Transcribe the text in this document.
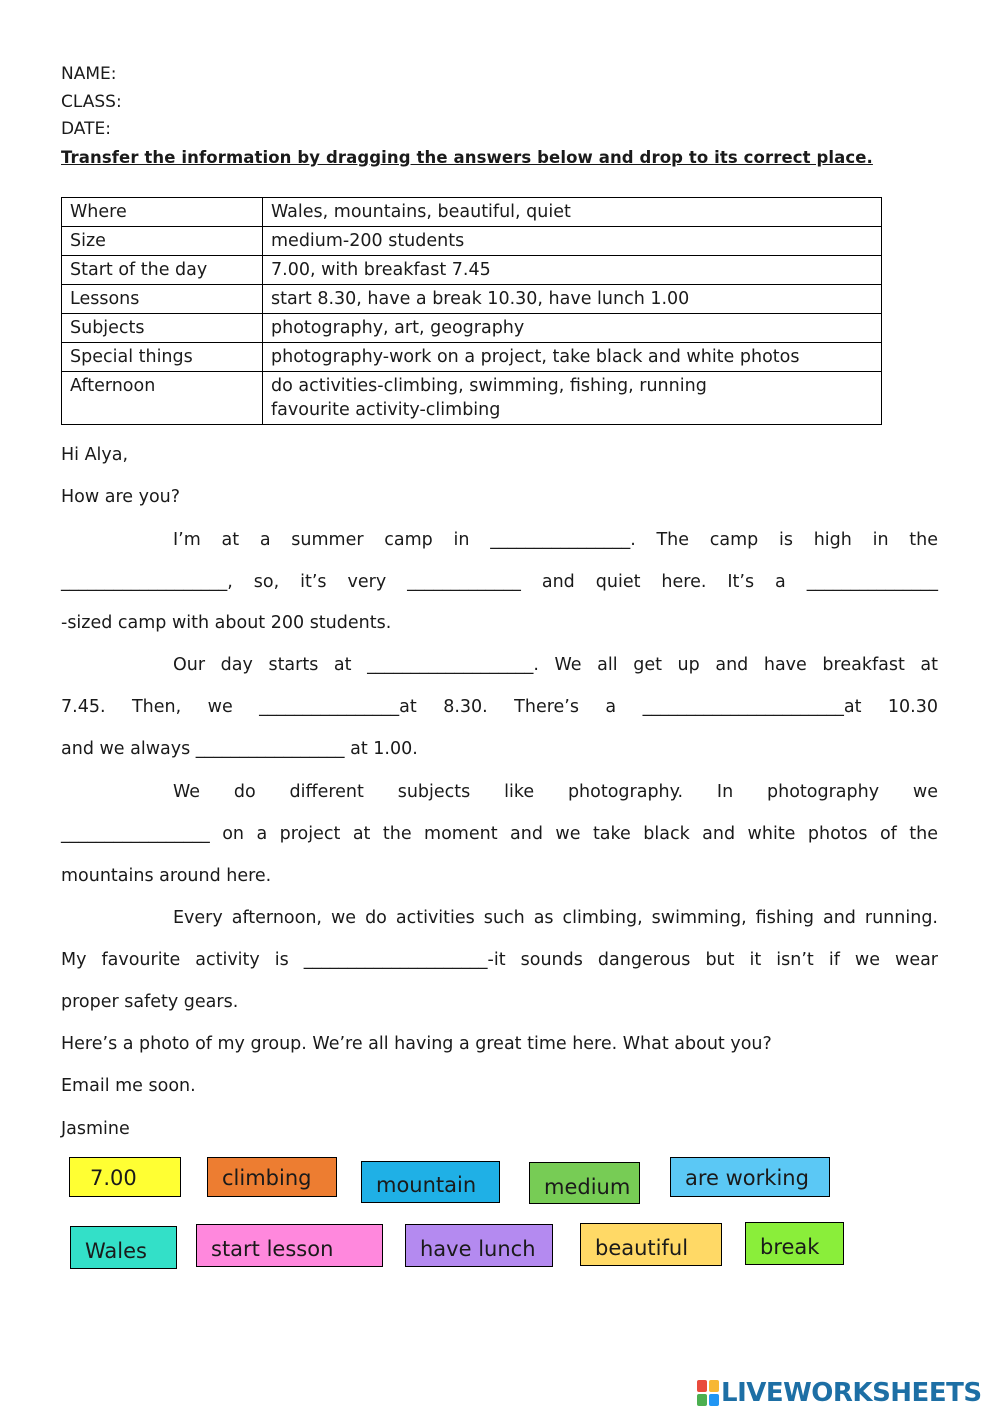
NAME:
CLASS:
DATE:
Transfer the information by dragging the answers below and drop to its correct place.
Where	Wales, mountains, beautiful, quiet
Size	medium-200 students
Start of the day	7.00, with breakfast 7.45
Lessons	start 8.30, have a break 10.30, have lunch 1.00
Subjects	photography, art, geography
Special things	photography-work on a project, take black and white photos
Afternoon	do activities-climbing, swimming, fishing, running
favourite activity-climbing
Hi Alya,
How are you?
I’m at a summer camp in ________________. The camp is high in the
___________________, so, it’s very _____________ and quiet here. It’s a _______________
-sized camp with about 200 students.
Our day starts at ___________________. We all get up and have breakfast at
7.45. Then, we ________________at 8.30. There’s a _______________________at 10.30
and we always _________________ at 1.00.
We do different subjects like photography. In photography we
_________________ on a project at the moment and we take black and white photos of the
mountains around here.
Every afternoon, we do activities such as climbing, swimming, fishing and running.
My favourite activity is _____________________-it sounds dangerous but it isn’t if we wear
proper safety gears.
Here’s a photo of my group. We’re all having a great time here. What about you?
Email me soon.
Jasmine
7.00	climbing	mountain	medium	are working
Wales	start lesson	have lunch	beautiful	break
LIVEWORKSHEETS
